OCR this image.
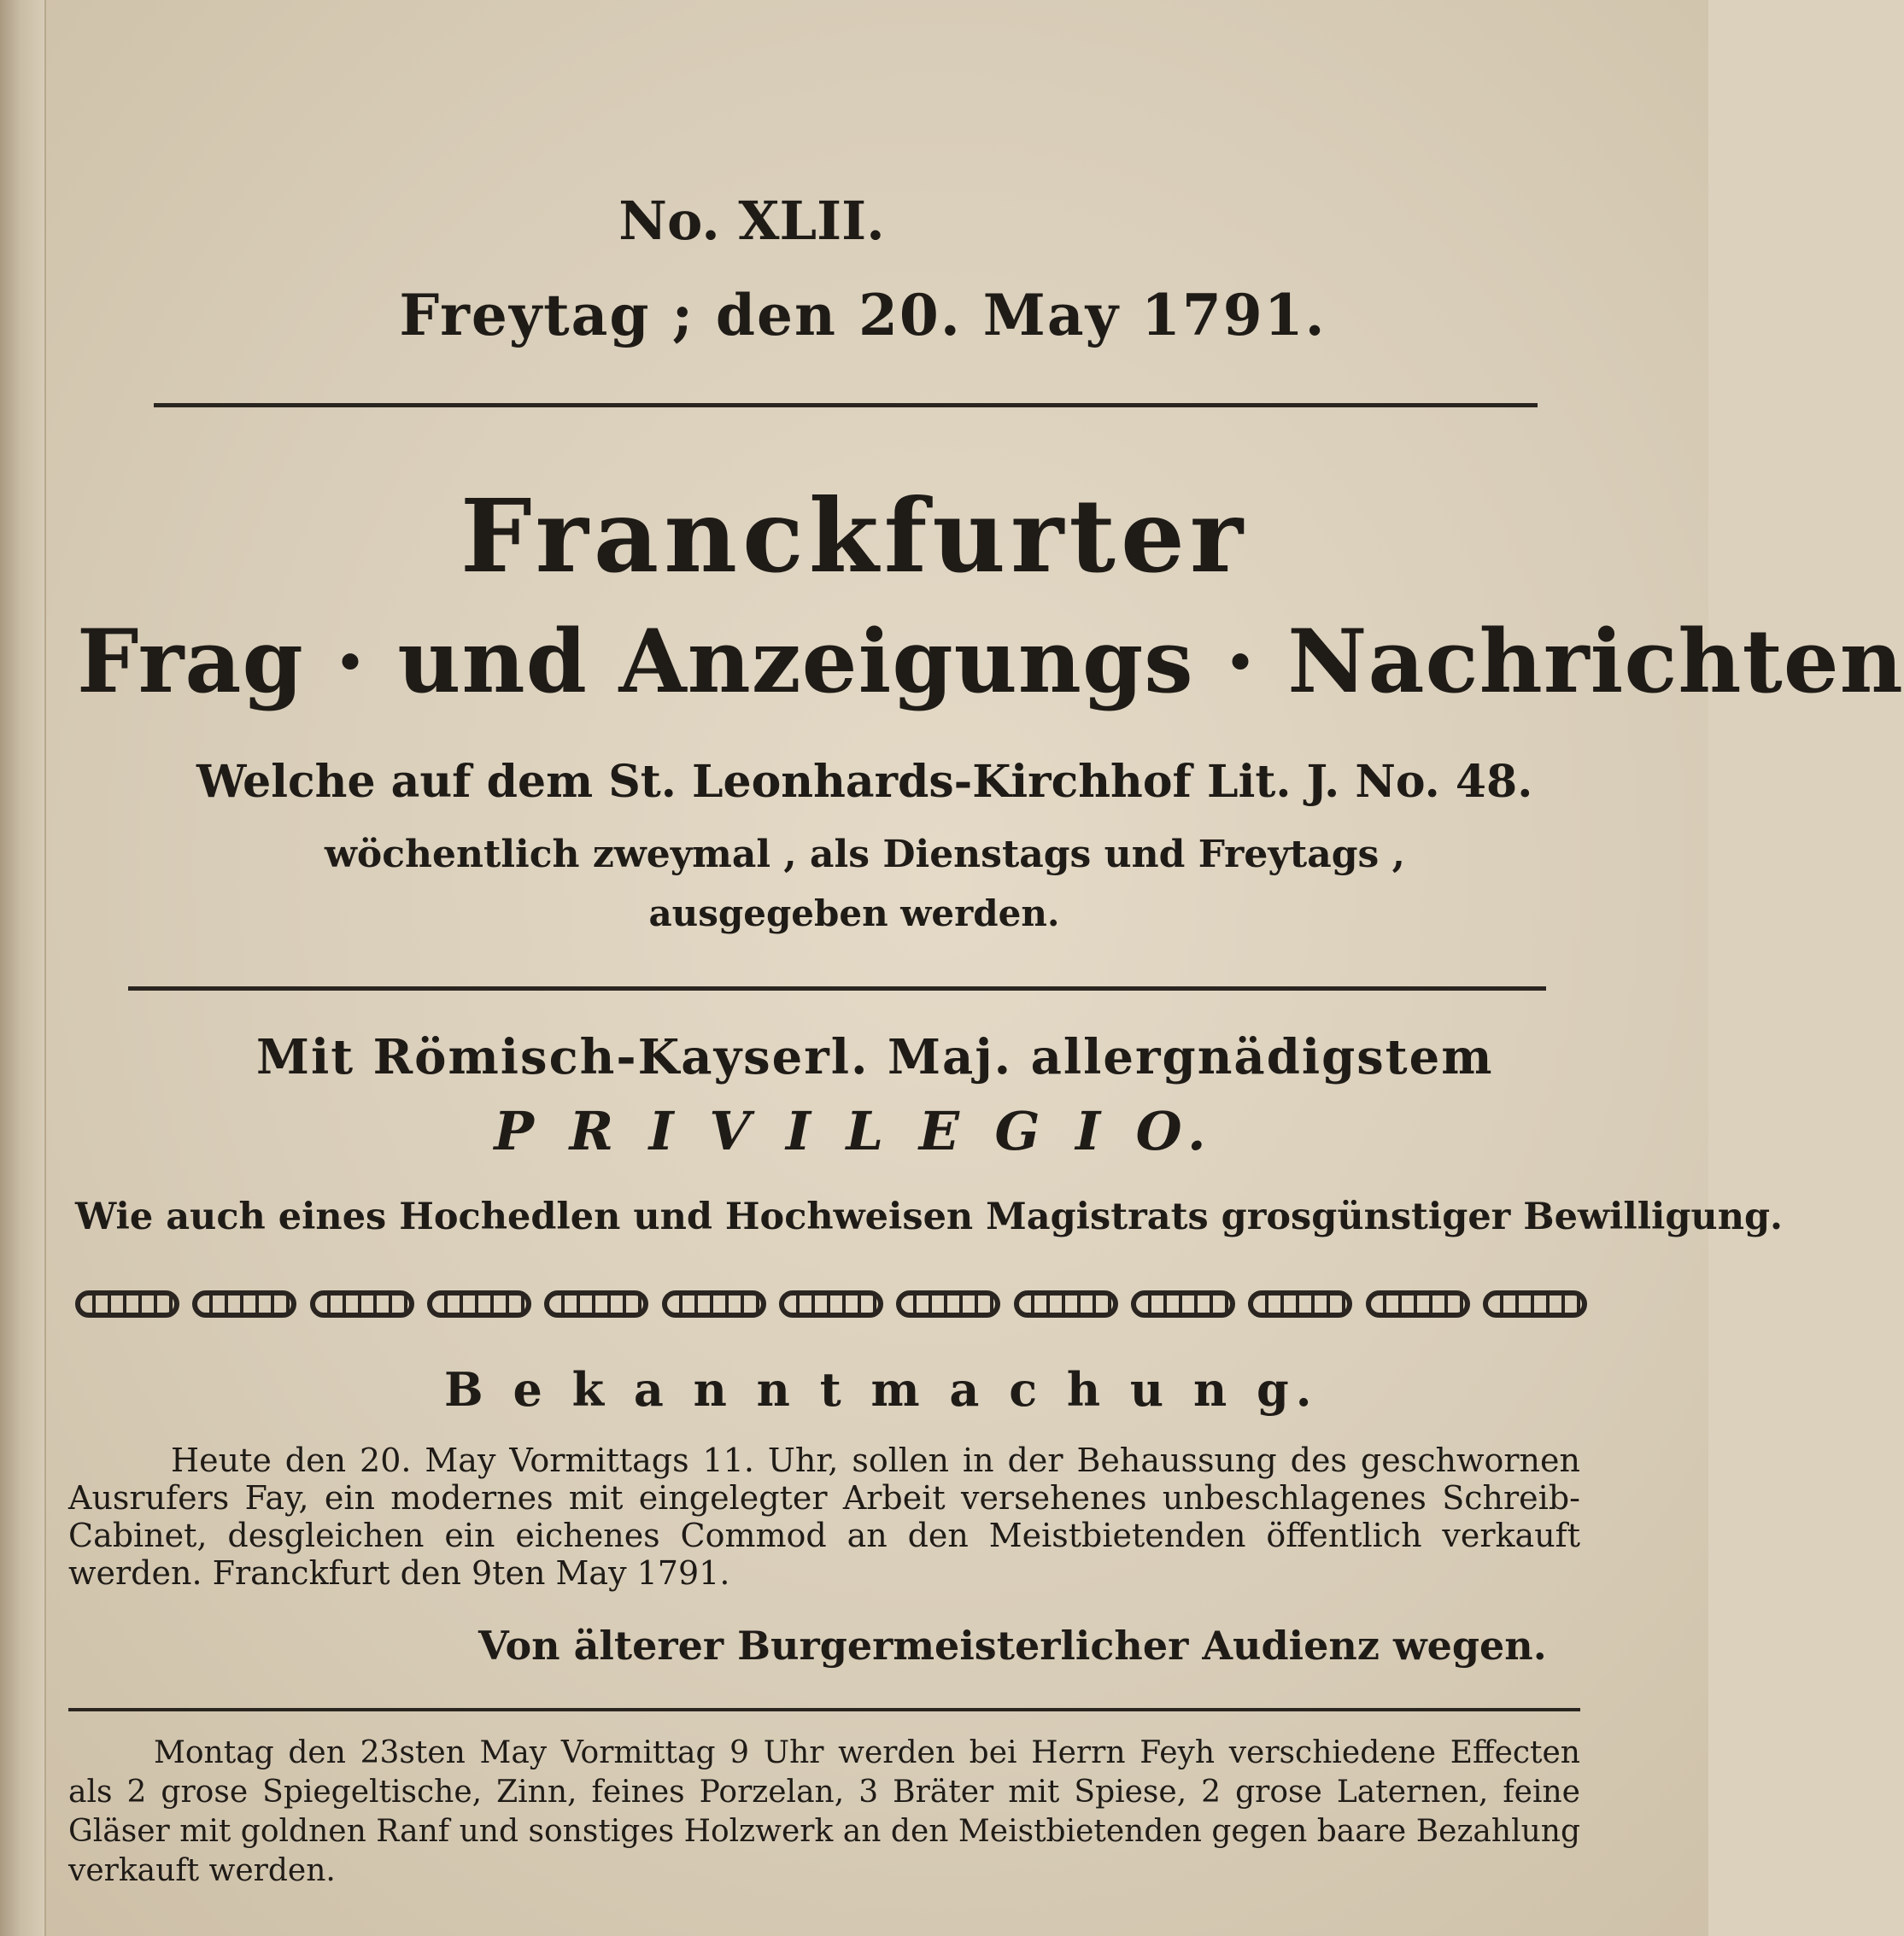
No. XLII.
Freytag ; den 20. May 1791.
Franckfurter
Frag · und Anzeigungs · Nachrichten
Welche auf dem St. Leonhards-Kirchhof Lit. J. No. 48.
wöchentlich zweymal , als Dienstags und Freytags ,
ausgegeben werden.
Mit Römisch-Kayserl. Maj. allergnädigstem
P R I V I L E G I O.
Wie auch eines Hochedlen und Hochweisen Magistrats grosgünstiger Bewilligung.
B e k a n n t m a c h u n g.
Heute den 20. May Vormittags 11. Uhr, sollen in der Behaussung des geschwornen Ausrufers Fay, ein modernes mit eingelegter Arbeit versehenes unbeschlagenes Schreib-Cabinet, desgleichen ein eichenes Commod an den Meistbietenden öffentlich verkauft werden. Franckfurt den 9ten May 1791.
Von älterer Burgermeisterlicher Audienz wegen.
Montag den 23sten May Vormittag 9 Uhr werden bei Herrn Feyh verschiedene Effecten als 2 grose Spiegeltische, Zinn, feines Porzelan, 3 Bräter mit Spiese, 2 grose Laternen, feine Gläser mit goldnen Ranf und sonstiges Holzwerk an den Meistbietenden gegen baare Bezahlung verkauft werden.
